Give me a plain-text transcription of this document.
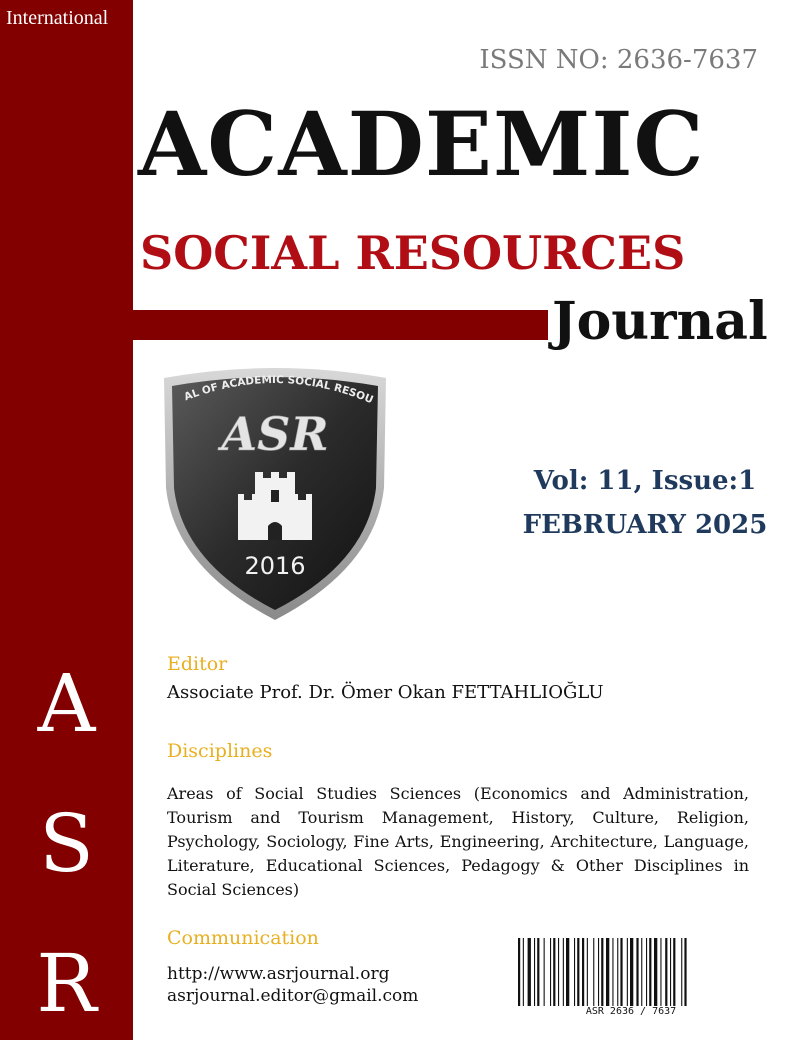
International
A
S
R
ISSN NO: 2636-7637
ACADEMIC
SOCIAL RESOURCES
Journal
AL OF ACADEMIC SOCIAL RESOU
ASR
2016
Vol: 11, Issue:1
FEBRUARY 2025
Editor
Associate Prof. Dr. Ömer Okan FETTAHLIOĞLU
Disciplines
Areas of Social Studies Sciences (Economics and Administration, Tourism and Tourism Management, History, Culture, Religion, Psychology, Sociology, Fine Arts, Engineering, Architecture, Language, Literature, Educational Sciences, Pedagogy & Other Disciplines in Social Sciences)
Communication
http://www.asrjournal.org
asrjournal.editor@gmail.com
ASR 2636 / 7637
